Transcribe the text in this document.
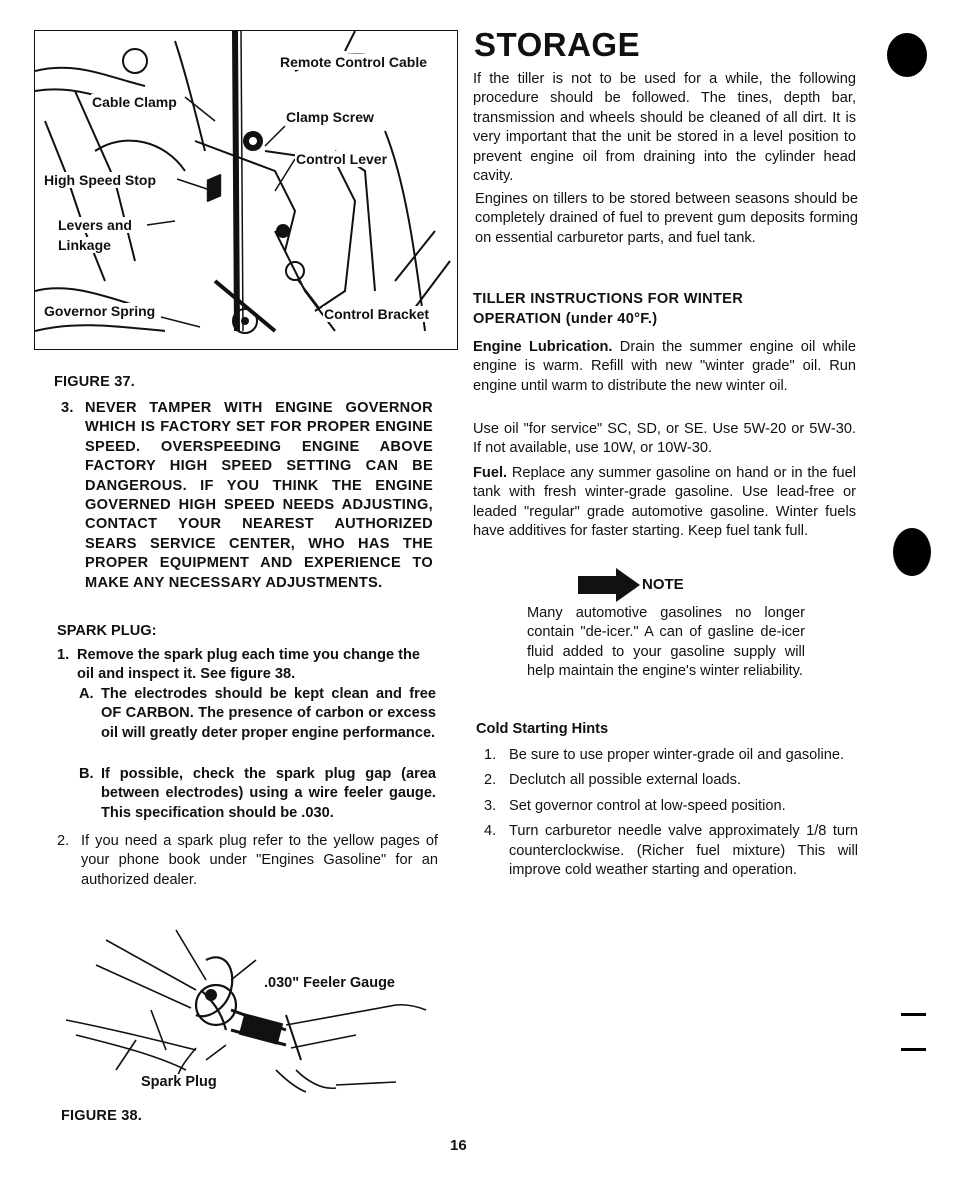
Remote Control Cable
Cable Clamp
Clamp Screw
Control Lever
High Speed Stop
Levers and
Linkage
Governor Spring	Control Bracket
FIGURE 37.
3. NEVER TAMPER WITH ENGINE GOVERNOR WHICH IS FACTORY SET FOR PROPER ENGINE SPEED. OVERSPEEDING ENGINE ABOVE FACTORY HIGH SPEED SETTING CAN BE DANGEROUS. IF YOU THINK THE ENGINE GOVERNED HIGH SPEED NEEDS ADJUSTING, CONTACT YOUR NEAREST AUTHORIZED SEARS SERVICE CENTER, WHO HAS THE PROPER EQUIPMENT AND EXPERIENCE TO MAKE ANY NECESSARY ADJUSTMENTS.

SPARK PLUG:
1. Remove the spark plug each time you change the oil and inspect it. See figure 38.

A. The electrodes should be kept clean and free OF CARBON. The presence of carbon or excess oil will greatly deter proper engine performance.

B. If possible, check the spark plug gap (area between electrodes) using a wire feeler gauge. This specification should be .030.

2. If you need a spark plug refer to the yellow pages of your phone book under "Engines Gasoline" for an authorized dealer.

.030" Feeler Gauge
Spark Plug
FIGURE 38.
STORAGE

If the tiller is not to be used for a while, the following procedure should be followed. The tines, depth bar, transmission and wheels should be cleaned of all dirt. It is very important that the unit be stored in a level position to prevent engine oil from draining into the cylinder head cavity.

Engines on tillers to be stored between seasons should be completely drained of fuel to prevent gum deposits forming on essential carburetor parts, and fuel tank.

TILLER INSTRUCTIONS FOR WINTER
OPERATION (under 40°F.)

Engine Lubrication. Drain the summer engine oil while engine is warm. Refill with new "winter grade" oil. Run engine until warm to distribute the new winter oil.

Use oil "for service" SC, SD, or SE. Use 5W-20 or 5W-30. If not available, use 10W, or 10W-30.

Fuel. Replace any summer gasoline on hand or in the fuel tank with fresh winter-grade gasoline. Use lead-free or leaded "regular" grade automotive gasoline. Winter fuels have additives for faster starting. Keep fuel tank full.

NOTE

Many automotive gasolines no longer contain "de-icer." A can of gasline de-icer fluid added to your gasoline supply will help maintain the engine's winter reliability.

Cold Starting Hints
1. Be sure to use proper winter-grade oil and gasoline.

2. Declutch all possible external loads.

3. Set governor control at low-speed position.

4. Turn carburetor needle valve approximately 1/8 turn counterclockwise. (Richer fuel mixture) This will improve cold weather starting and operation.

16
